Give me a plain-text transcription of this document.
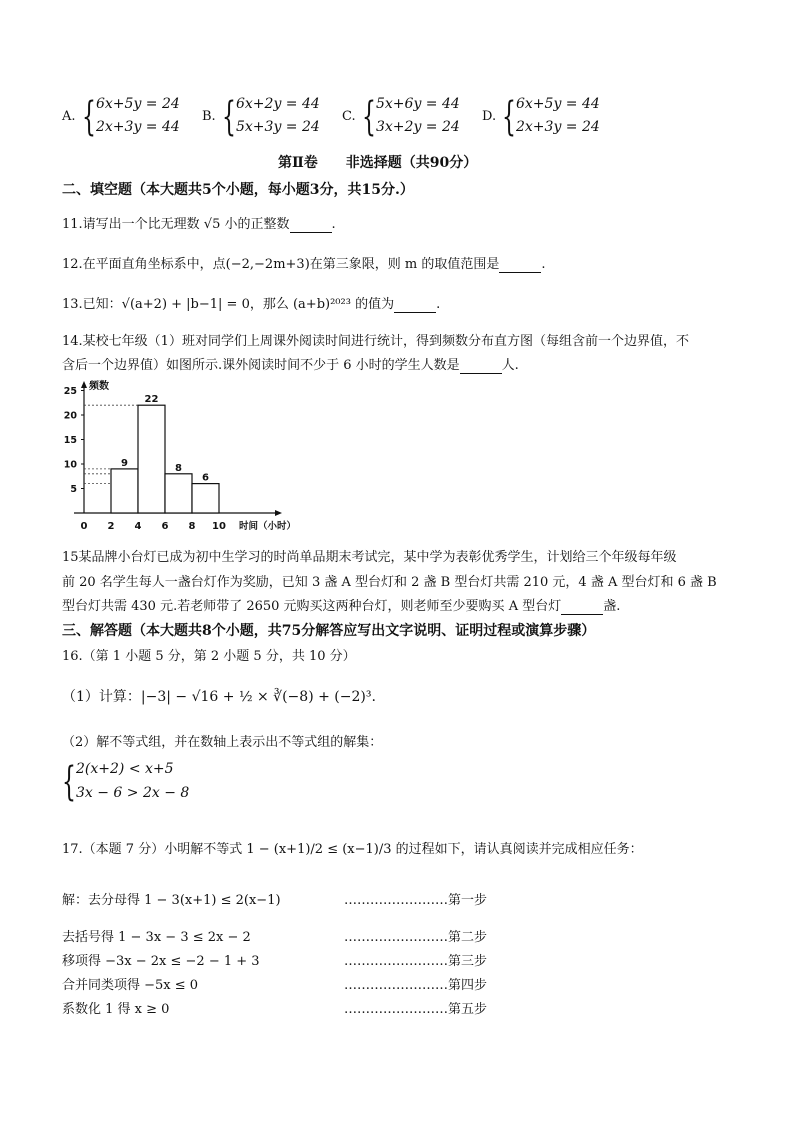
A. { 6x+5y = 24
2x+3y = 44
B. { 6x+2y = 44
5x+3y = 24
C. { 5x+6y = 44
3x+2y = 24
D. { 6x+5y = 44
2x+3y = 24
第Ⅱ卷　　非选择题（共90分）
二、填空题（本大题共5个小题，每小题3分，共15分.）
11.请写出一个比无理数 √5 小的正整数	.
12.在平面直角坐标系中，点(−2,−2m+3)在第三象限，则 m 的取值范围是	.
13.已知：√(a+2) + |b−1| = 0，那么 (a+b)²⁰²³ 的值为	.
14.某校七年级（1）班对同学们上周课外阅读时间进行统计，得到频数分布直方图（每组含前一个边界值，不
含后一个边界值）如图所示.课外阅读时间不少于 6 小时的学生人数是	人.
频数
时间（小时）
5
10
15
20
25
0 2 4 6 8 10
9
22
8
6
15某品牌小台灯已成为初中生学习的时尚单品期末考试完，某中学为表彰优秀学生，计划给三个年级每年级
前 20 名学生每人一盏台灯作为奖励，已知 3 盏 A 型台灯和 2 盏 B 型台灯共需 210 元，4 盏 A 型台灯和 6 盏 B
型台灯共需 430 元.若老师带了 2650 元购买这两种台灯，则老师至少要购买 A 型台灯	盏.
三、解答题（本大题共8个小题，共75分解答应写出文字说明、证明过程或演算步骤）
16.（第 1 小题 5 分，第 2 小题 5 分，共 10 分）
（1）计算：|−3| − √16 + ½ × ∛(−8) + (−2)³.
（2）解不等式组，并在数轴上表示出不等式组的解集：
{ 2(x+2) < x+5
3x − 6 > 2x − 8
17.（本题 7 分）小明解不等式 1 − (x+1)/2 ≤ (x−1)/3 的过程如下，请认真阅读并完成相应任务：
解：去分母得 1 − 3(x+1) ≤ 2(x−1)	……………………第一步
去括号得 1 − 3x − 3 ≤ 2x − 2	……………………第二步
移项得 −3x − 2x ≤ −2 − 1 + 3	……………………第三步
合并同类项得 −5x ≤ 0	……………………第四步
系数化 1 得 x ≥ 0	……………………第五步
